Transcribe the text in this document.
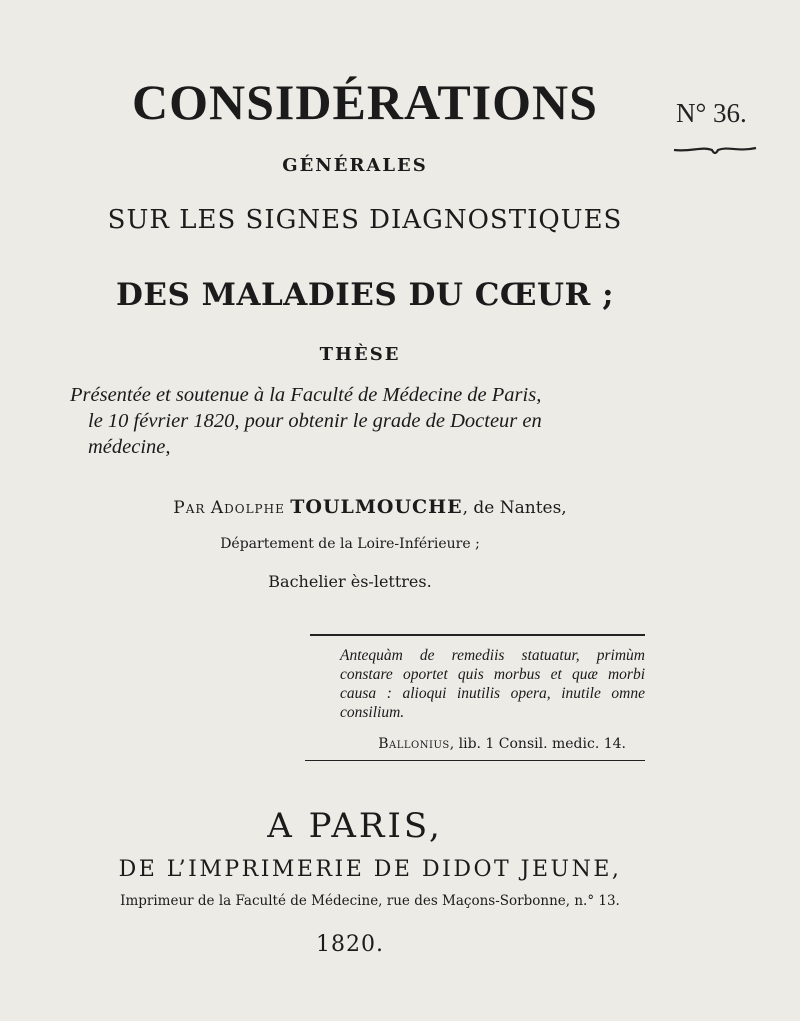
CONSIDÉRATIONS	N° 36.
GÉNÉRALES
SUR LES SIGNES DIAGNOSTIQUES
DES MALADIES DU CŒUR ;
THÈSE
Présentée et soutenue à la Faculté de Médecine de Paris,
le 10 février 1820, pour obtenir le grade de Docteur en
médecine,
Par Adolphe TOULMOUCHE, de Nantes,
Département de la Loire-Inférieure ;
Bachelier ès-lettres.
Antequàm de remediis statuatur, primùm constare oportet quis morbus et quæ morbi causa : alioqui inutilis opera, inutile omne consilium.
Ballonius, lib. 1 Consil. medic. 14.
A PARIS,
DE L’IMPRIMERIE DE DIDOT JEUNE,
Imprimeur de la Faculté de Médecine, rue des Maçons-Sorbonne, n.° 13.
1820.
